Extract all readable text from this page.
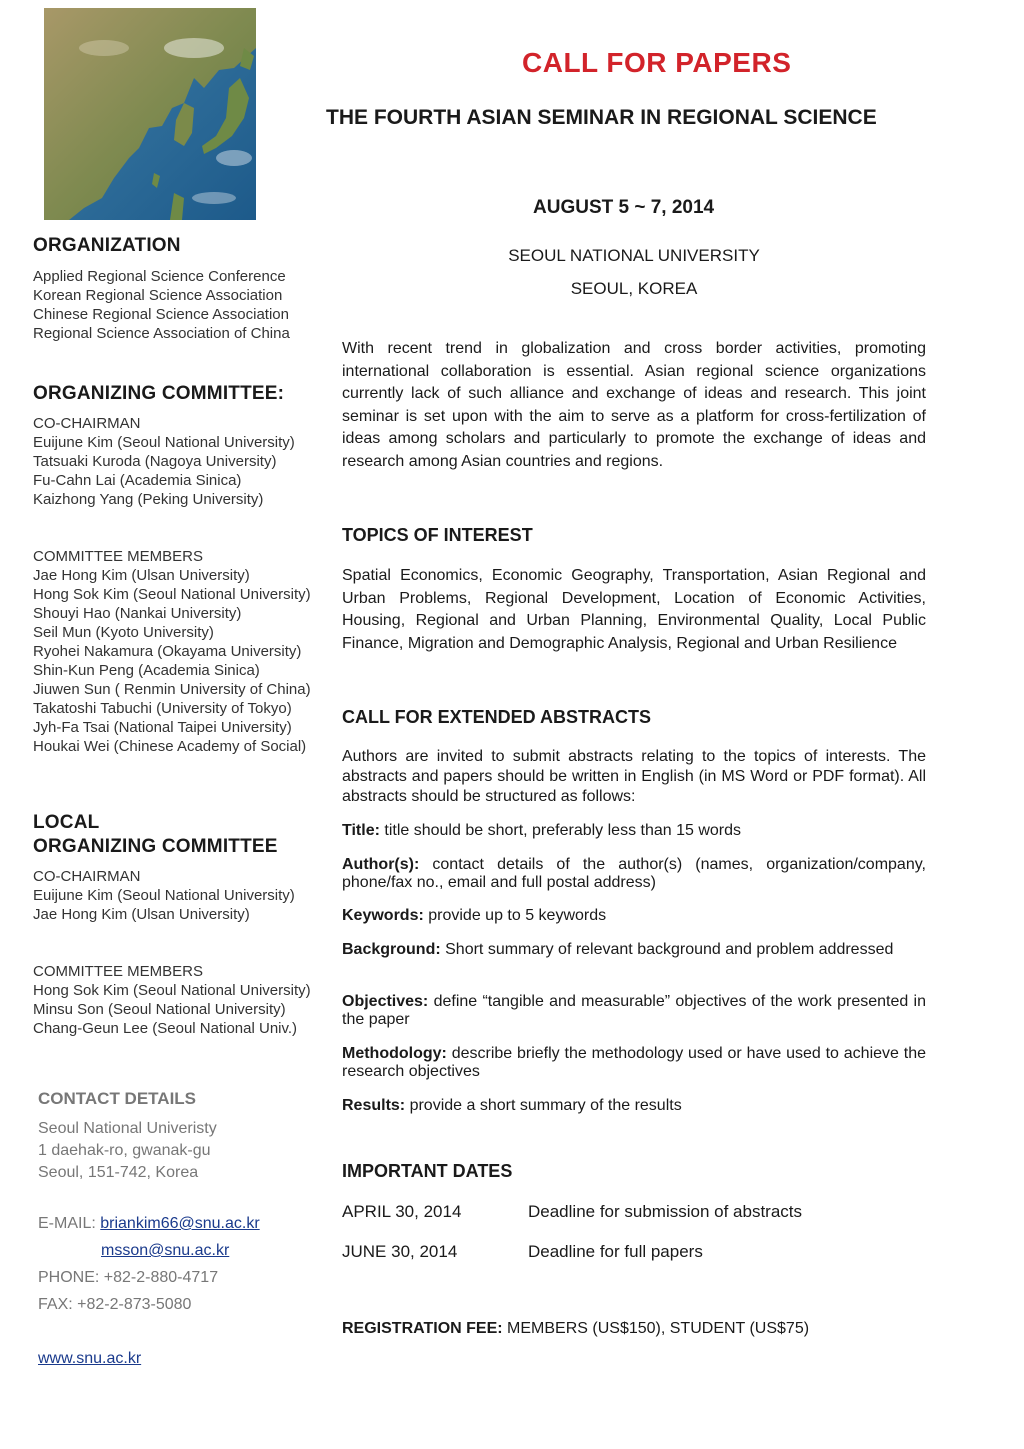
CALL FOR PAPERS
THE FOURTH ASIAN SEMINAR IN REGIONAL SCIENCE
AUGUST 5 ~ 7, 2014
SEOUL NATIONAL UNIVERSITY
SEOUL, KOREA
With recent trend in globalization and cross border activities, promoting international collaboration is essential. Asian regional science organizations currently lack of such alliance and exchange of ideas and research. This joint seminar is set upon with the aim to serve as a platform for cross-fertilization of ideas among scholars and particularly to promote the exchange of ideas and research among Asian countries and regions.
TOPICS OF INTEREST
Spatial Economics, Economic Geography, Transportation, Asian Regional and Urban Problems, Regional Development, Location of Economic Activities, Housing, Regional and Urban Planning, Environmental Quality, Local Public Finance, Migration and Demographic Analysis, Regional and Urban Resilience
CALL FOR EXTENDED ABSTRACTS
Authors are invited to submit abstracts relating to the topics of interests. The abstracts and papers should be written in English (in MS Word or PDF format). All abstracts should be structured as follows:
Title: title should be short, preferably less than 15 words
Author(s): contact details of the author(s) (names, organization/company, phone/fax no., email and full postal address)
Keywords: provide up to 5 keywords
Background: Short summary of relevant background and problem addressed
Objectives: define “tangible and measurable” objectives of the work presented in the paper
Methodology: describe briefly the methodology used or have used to achieve the research objectives
Results: provide a short summary of the results
IMPORTANT DATES
APRIL 30, 2014	Deadline for submission of abstracts
JUNE 30, 2014	Deadline for full papers
REGISTRATION FEE: MEMBERS (US$150), STUDENT (US$75)
ORGANIZATION
Applied Regional Science Conference
Korean Regional Science Association
Chinese Regional Science Association
Regional Science Association of China
ORGANIZING COMMITTEE:
CO-CHAIRMAN
Euijune Kim (Seoul National University)
Tatsuaki Kuroda (Nagoya University)
Fu-Cahn Lai (Academia Sinica)
Kaizhong Yang (Peking University)
COMMITTEE MEMBERS
Jae Hong Kim (Ulsan University)
Hong Sok Kim (Seoul National University)
Shouyi Hao (Nankai University)
Seil Mun (Kyoto University)
Ryohei Nakamura (Okayama University)
Shin-Kun Peng (Academia Sinica)
Jiuwen Sun ( Renmin University of China)
Takatoshi Tabuchi (University of Tokyo)
Jyh-Fa Tsai (National Taipei University)
Houkai Wei (Chinese Academy of Social)
LOCAL
ORGANIZING COMMITTEE
CO-CHAIRMAN
Euijune Kim (Seoul National University)
Jae Hong Kim (Ulsan University)
COMMITTEE MEMBERS
Hong Sok Kim (Seoul National University)
Minsu Son (Seoul National University)
Chang-Geun Lee (Seoul National Univ.)
CONTACT DETAILS
Seoul National Univeristy
1 daehak-ro, gwanak-gu
Seoul, 151-742, Korea
E-MAIL: briankim66@snu.ac.kr
msson@snu.ac.kr
PHONE: +82-2-880-4717
FAX: +82-2-873-5080
www.snu.ac.kr
